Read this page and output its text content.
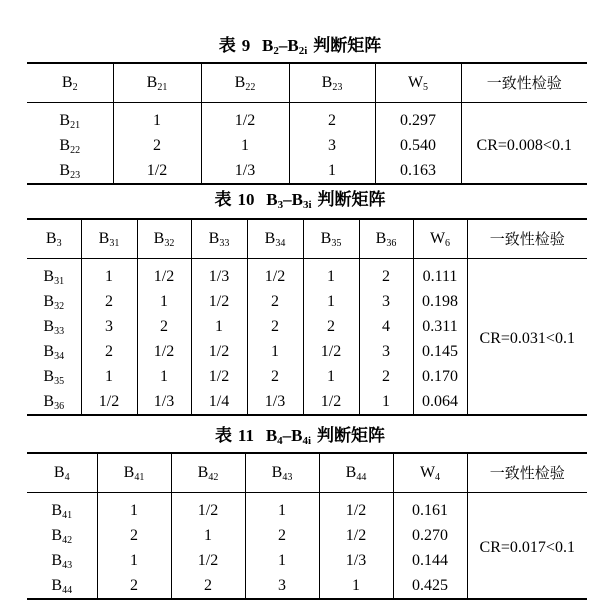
表 9 $B_2-B_{2i}$ 判断矩阵
$B_2$	$B_{21}$	$B_{22}$	$B_{23}$	$W_5$	一致性检验
$B_{21}$	1	1/2	2	0.297	CR=0.008<0.1
$B_{22}$	2	1	3	0.540	
$B_{23}$	1/2	1/3	1	0.163	
表 10 $B_3-B_{3i}$ 判断矩阵
$B_3$	$B_{31}$	$B_{32}$	$B_{33}$	$B_{34}$	$B_{35}$	$B_{36}$	$W_6$	一致性检验
$B_{31}$	1	1/2	1/3	1/2	1	2	0.111	CR=0.031<0.1
$B_{32}$	2	1	1/2	2	1	3	0.198	
$B_{33}$	3	2	1	2	2	4	0.311	
$B_{34}$	2	1/2	1/2	1	1/2	3	0.145	
$B_{35}$	1	1	1/2	2	1	2	0.170	
$B_{36}$	1/2	1/3	1/4	1/3	1/2	1	0.064	
表 11 $B_4-B_{4i}$ 判断矩阵
$B_4$	$B_{41}$	$B_{42}$	$B_{43}$	$B_{44}$	$W_4$	一致性检验
$B_{41}$	1	1/2	1	1/2	0.161	CR=0.017<0.1
$B_{42}$	2	1	2	1/2	0.270	
$B_{43}$	1	1/2	1	1/3	0.144	
$B_{44}$	2	2	3	1	0.425	
